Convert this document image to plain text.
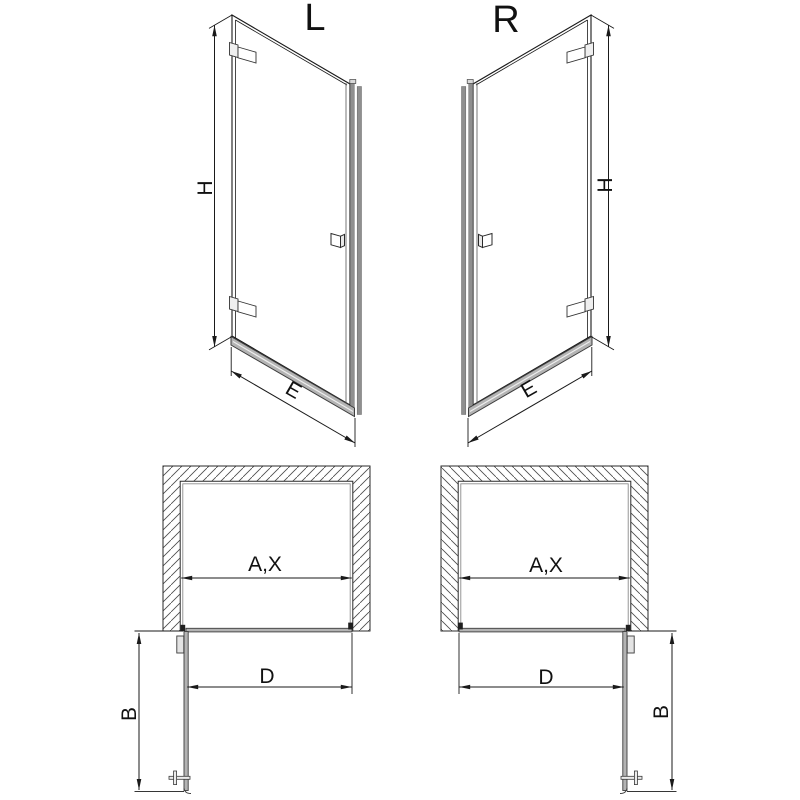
L	R
H	H
E	E
A,X	A,X
D	D
B	B
